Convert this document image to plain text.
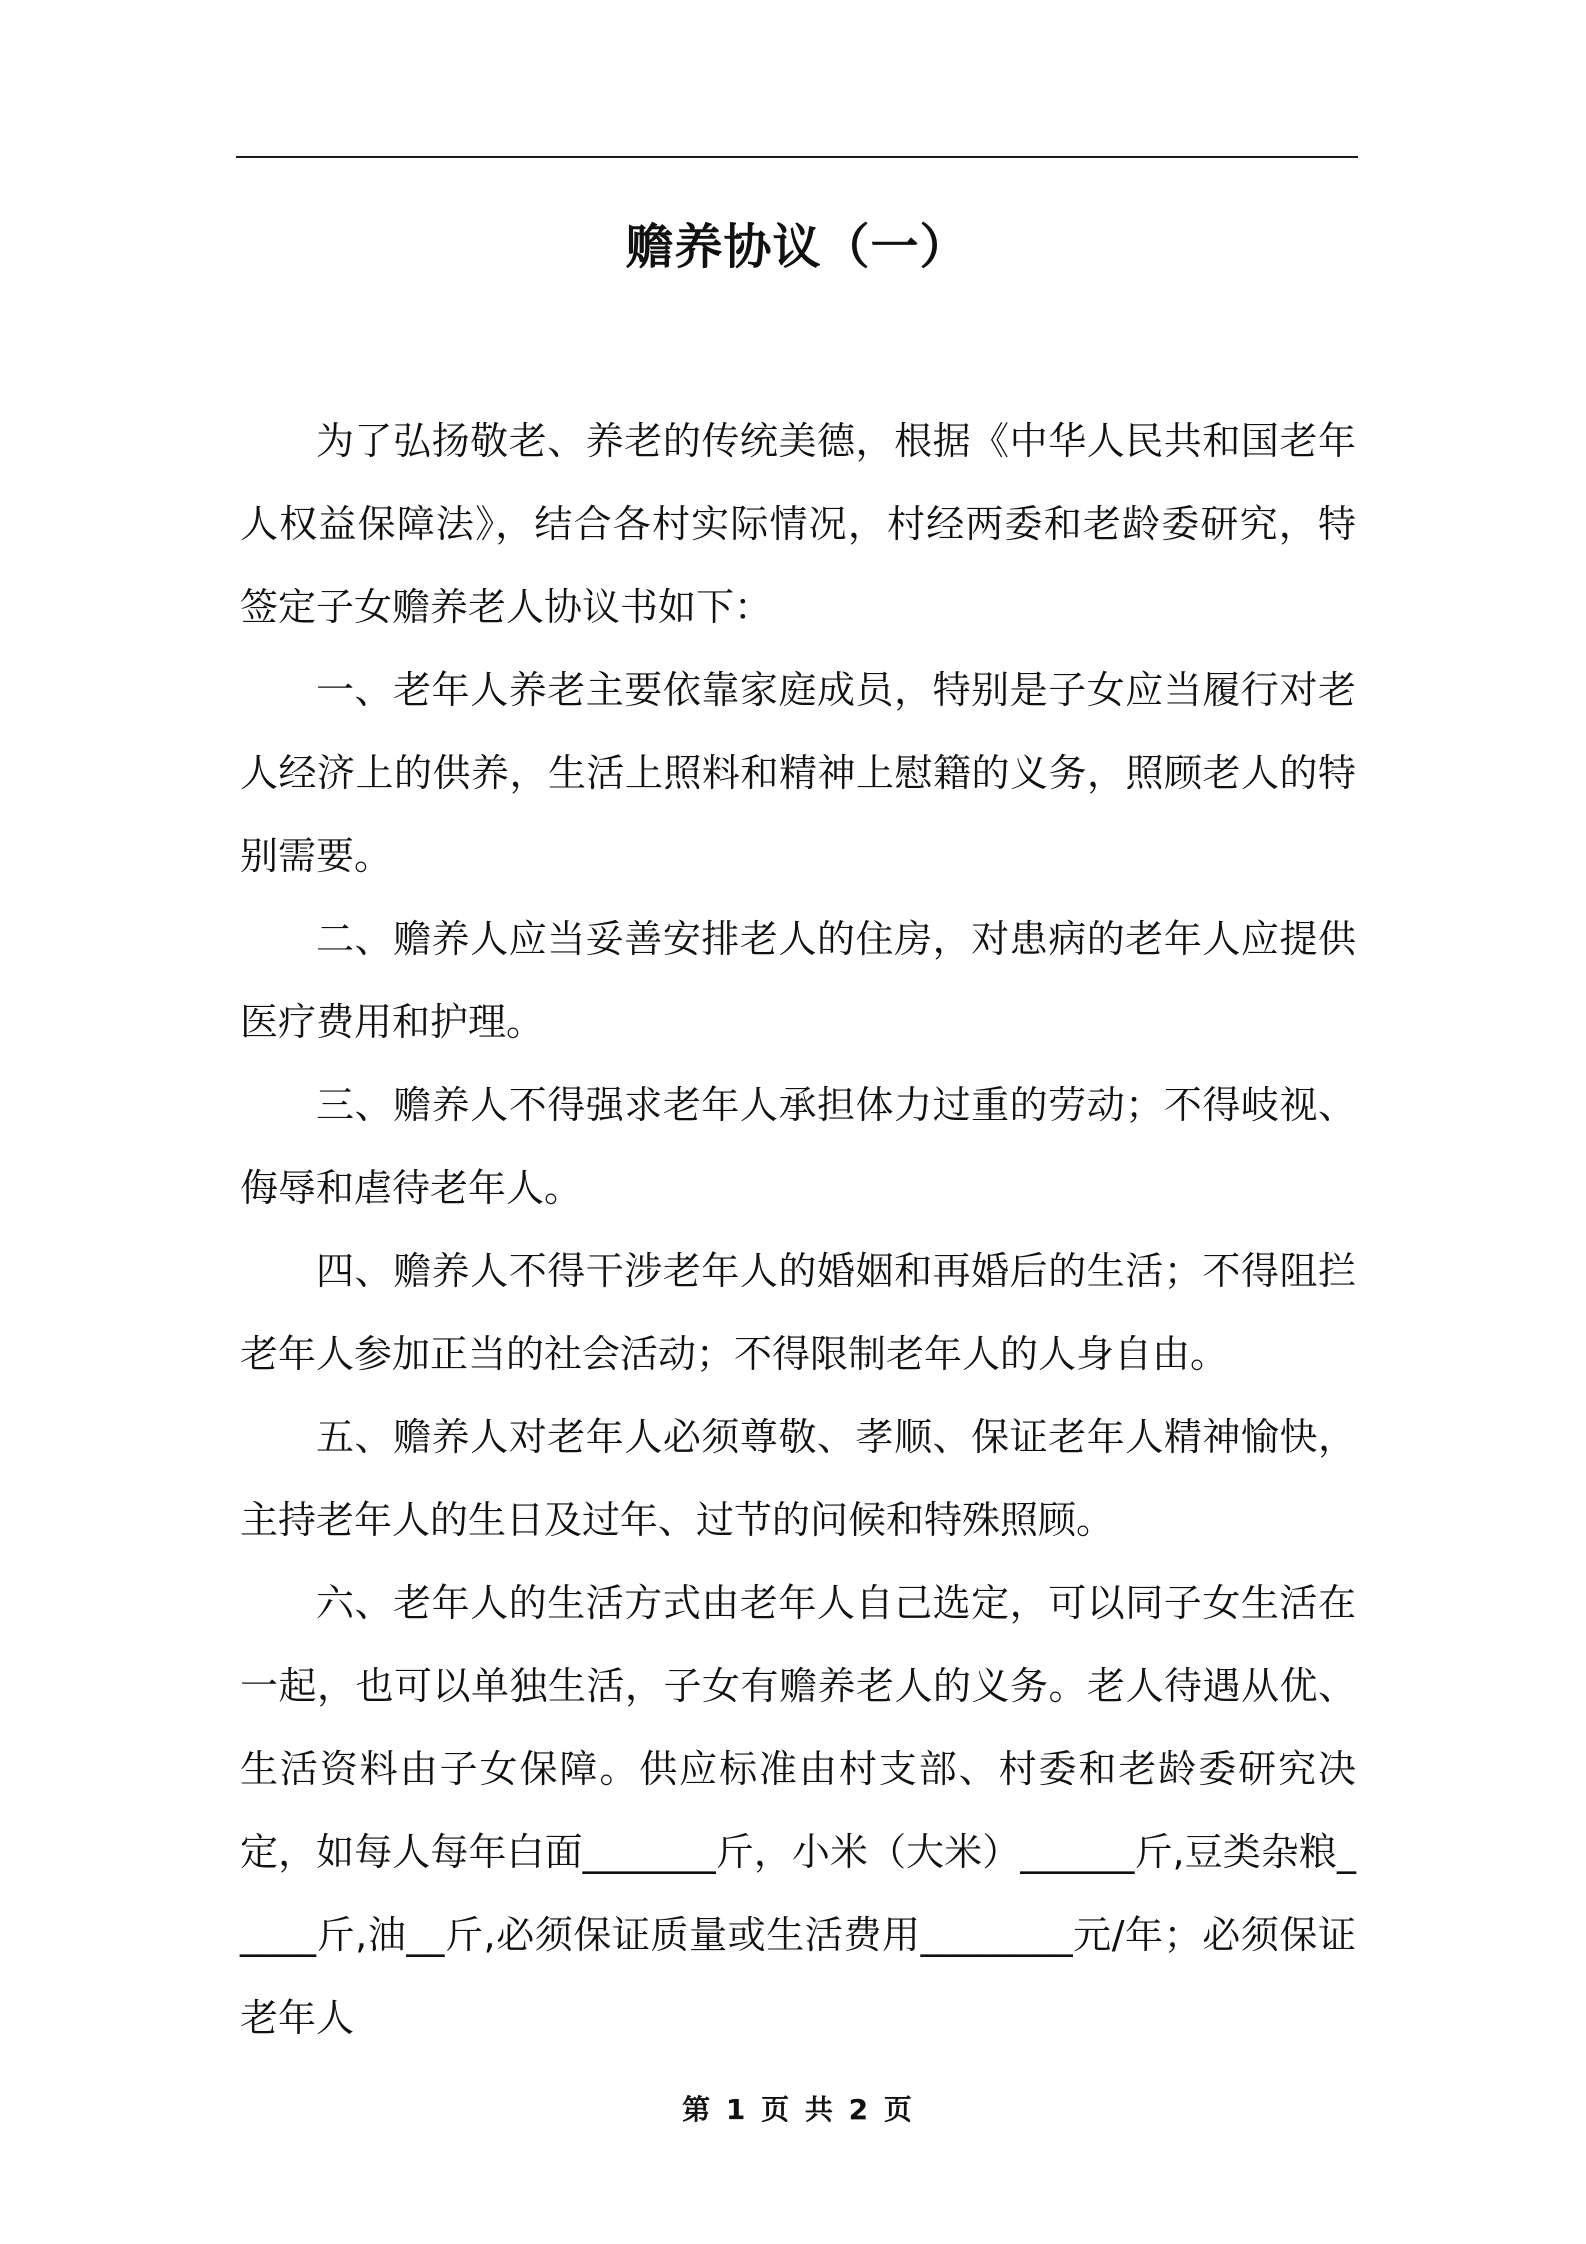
赡养协议（一）

为了弘扬敬老、养老的传统美德，根据《中华人民共和国老年人权益保障法》，结合各村实际情况，村经两委和老龄委研究，特签定子女赡养老人协议书如下：

一、老年人养老主要依靠家庭成员，特别是子女应当履行对老人经济上的供养，生活上照料和精神上慰籍的义务，照顾老人的特别需要。

二、赡养人应当妥善安排老人的住房，对患病的老年人应提供医疗费用和护理。

三、赡养人不得强求老年人承担体力过重的劳动；不得岐视、侮辱和虐待老年人。

四、赡养人不得干涉老年人的婚姻和再婚后的生活；不得阻拦老年人参加正当的社会活动；不得限制老年人的人身自由。

五、赡养人对老年人必须尊敬、孝顺、保证老年人精神愉快，主持老年人的生日及过年、过节的问候和特殊照顾。

六、老年人的生活方式由老年人自己选定，可以同子女生活在一起，也可以单独生活，子女有赡养老人的义务。老人待遇从优、生活资料由子女保障。供应标准由村支部、村委和老龄委研究决定，如每人每年白面_______斤，小米（大米）______斤,豆类杂粮_____斤,油__斤,必须保证质量或生活费用________元/年；必须保证老年人

第 1 页 共 2 页
